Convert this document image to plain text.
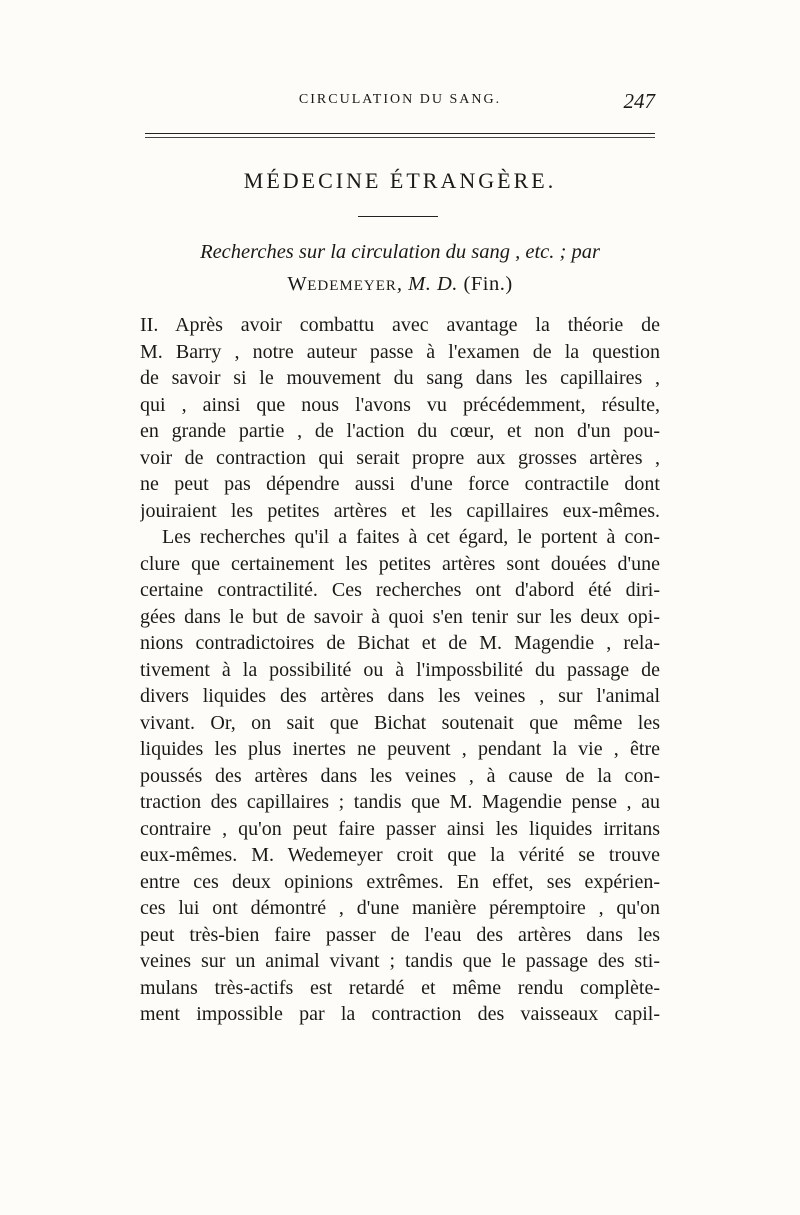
CIRCULATION DU SANG.	247
MÉDECINE ÉTRANGÈRE.
Recherches sur la circulation du sang , etc. ; par
WEDEMEYER, M. D. (Fin.)
II. Après avoir combattu avec avantage la théorie de
M. Barry , notre auteur passe à l'examen de la question
de savoir si le mouvement du sang dans les capillaires ,
qui , ainsi que nous l'avons vu précédemment, résulte,
en grande partie , de l'action du cœur, et non d'un pou-
voir de contraction qui serait propre aux grosses artères ,
ne peut pas dépendre aussi d'une force contractile dont
jouiraient les petites artères et les capillaires eux-mêmes.
Les recherches qu'il a faites à cet égard, le portent à con-
clure que certainement les petites artères sont douées d'une
certaine contractilité. Ces recherches ont d'abord été diri-
gées dans le but de savoir à quoi s'en tenir sur les deux opi-
nions contradictoires de Bichat et de M. Magendie , rela-
tivement à la possibilité ou à l'impossbilité du passage de
divers liquides des artères dans les veines , sur l'animal
vivant. Or, on sait que Bichat soutenait que même les
liquides les plus inertes ne peuvent , pendant la vie , être
poussés des artères dans les veines , à cause de la con-
traction des capillaires ; tandis que M. Magendie pense , au
contraire , qu'on peut faire passer ainsi les liquides irritans
eux-mêmes. M. Wedemeyer croit que la vérité se trouve
entre ces deux opinions extrêmes. En effet, ses expérien-
ces lui ont démontré , d'une manière péremptoire , qu'on
peut très-bien faire passer de l'eau des artères dans les
veines sur un animal vivant ; tandis que le passage des sti-
mulans très-actifs est retardé et même rendu complète-
ment impossible par la contraction des vaisseaux capil-
